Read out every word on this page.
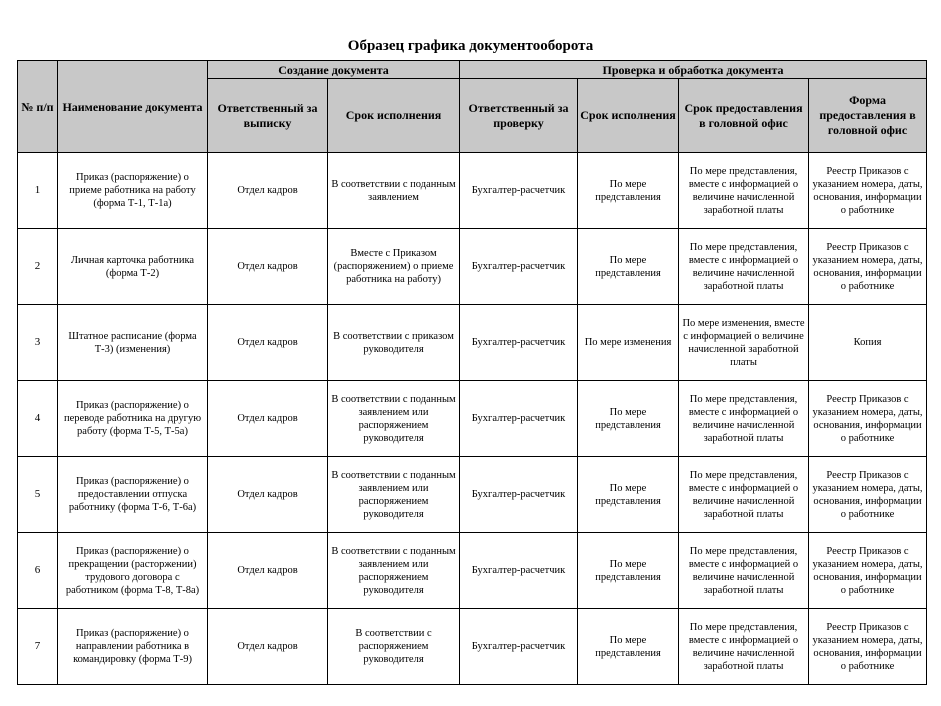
Образец графика документооборота
№ п/п	Наименование документа	Создание документа		Проверка и обработка документа			
		Ответственный за выписку	Срок исполнения	Ответственный за проверку	Срок исполнения	Срок предоставления в головной офис	Форма предоставления в головной офис
1	Приказ (распоряжение) о приеме работника на работу (форма Т-1, Т-1а)	Отдел кадров	В соответствии с поданным заявлением	Бухгалтер-расчетчик	По мере представления	По мере представления, вместе с информацией о величине начисленной заработной платы	Реестр Приказов с указанием номера, даты, основания, информации о работнике
2	Личная карточка работника (форма Т-2)	Отдел кадров	Вместе с Приказом (распоряжением) о приеме работника на работу)	Бухгалтер-расчетчик	По мере представления	По мере представления, вместе с информацией о величине начисленной заработной платы	Реестр Приказов с указанием номера, даты, основания, информации о работнике
3	Штатное расписание (форма Т-3) (изменения)	Отдел кадров	В соответствии с приказом руководителя	Бухгалтер-расчетчик	По мере изменения	По мере изменения, вместе с информацией о величине начисленной заработной платы	Копия
4	Приказ (распоряжение) о переводе работника на другую работу (форма Т-5, Т-5а)	Отдел кадров	В соответствии с поданным заявлением или распоряжением руководителя	Бухгалтер-расчетчик	По мере представления	По мере представления, вместе с информацией о величине начисленной заработной платы	Реестр Приказов с указанием номера, даты, основания, информации о работнике
5	Приказ (распоряжение) о предоставлении отпуска работнику (форма Т-6, Т-6а)	Отдел кадров	В соответствии с поданным заявлением или распоряжением руководителя	Бухгалтер-расчетчик	По мере представления	По мере представления, вместе с информацией о величине начисленной заработной платы	Реестр Приказов с указанием номера, даты, основания, информации о работнике
6	Приказ (распоряжение) о прекращении (расторжении) трудового договора с работником (форма Т-8, Т-8а)	Отдел кадров	В соответствии с поданным заявлением или распоряжением руководителя	Бухгалтер-расчетчик	По мере представления	По мере представления, вместе с информацией о величине начисленной заработной платы	Реестр Приказов с указанием номера, даты, основания, информации о работнике
7	Приказ (распоряжение) о направлении работника в командировку (форма Т-9)	Отдел кадров	В соответствии с распоряжением руководителя	Бухгалтер-расчетчик	По мере представления	По мере представления, вместе с информацией о величине начисленной заработной платы	Реестр Приказов с указанием номера, даты, основания, информации о работнике
